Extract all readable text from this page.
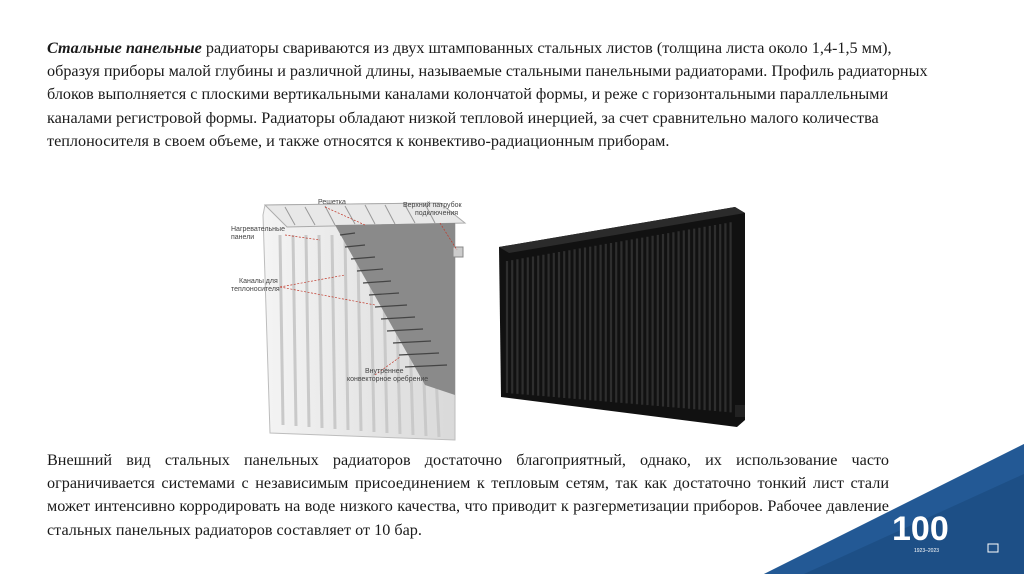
Стальные панельные радиаторы свариваются из двух штампованных стальных листов (толщина листа около 1,4-1,5 мм), образуя приборы малой глубины и различной длины, называемые стальными панельными радиаторами. Профиль радиаторных блоков выполняется с плоскими вертикальными каналами колончатой формы, и реже с горизонтальными параллельными каналами регистровой формы. Радиаторы обладают низкой тепловой инерцией, за счет сравнительно малого количества теплоносителя в своем объеме, и также относятся к конвективо-радиационным приборам.

Решетка	Верхний патрубок
подключения
Нагревательные
панели
Каналы для
теплоносителя
Внутреннее
конвекторное оребрение

Внешний вид стальных панельных радиаторов достаточно благоприятный, однако, их использование часто ограничивается системами с независимым присоединением к тепловым сетям, так как достаточно тонкий лист стали может интенсивно корродировать на воде низкого качества, что приводит к разгерметизации приборов. Рабочее давление стальных панельных радиаторов составляет от 10 бар.	100
1923–2023
